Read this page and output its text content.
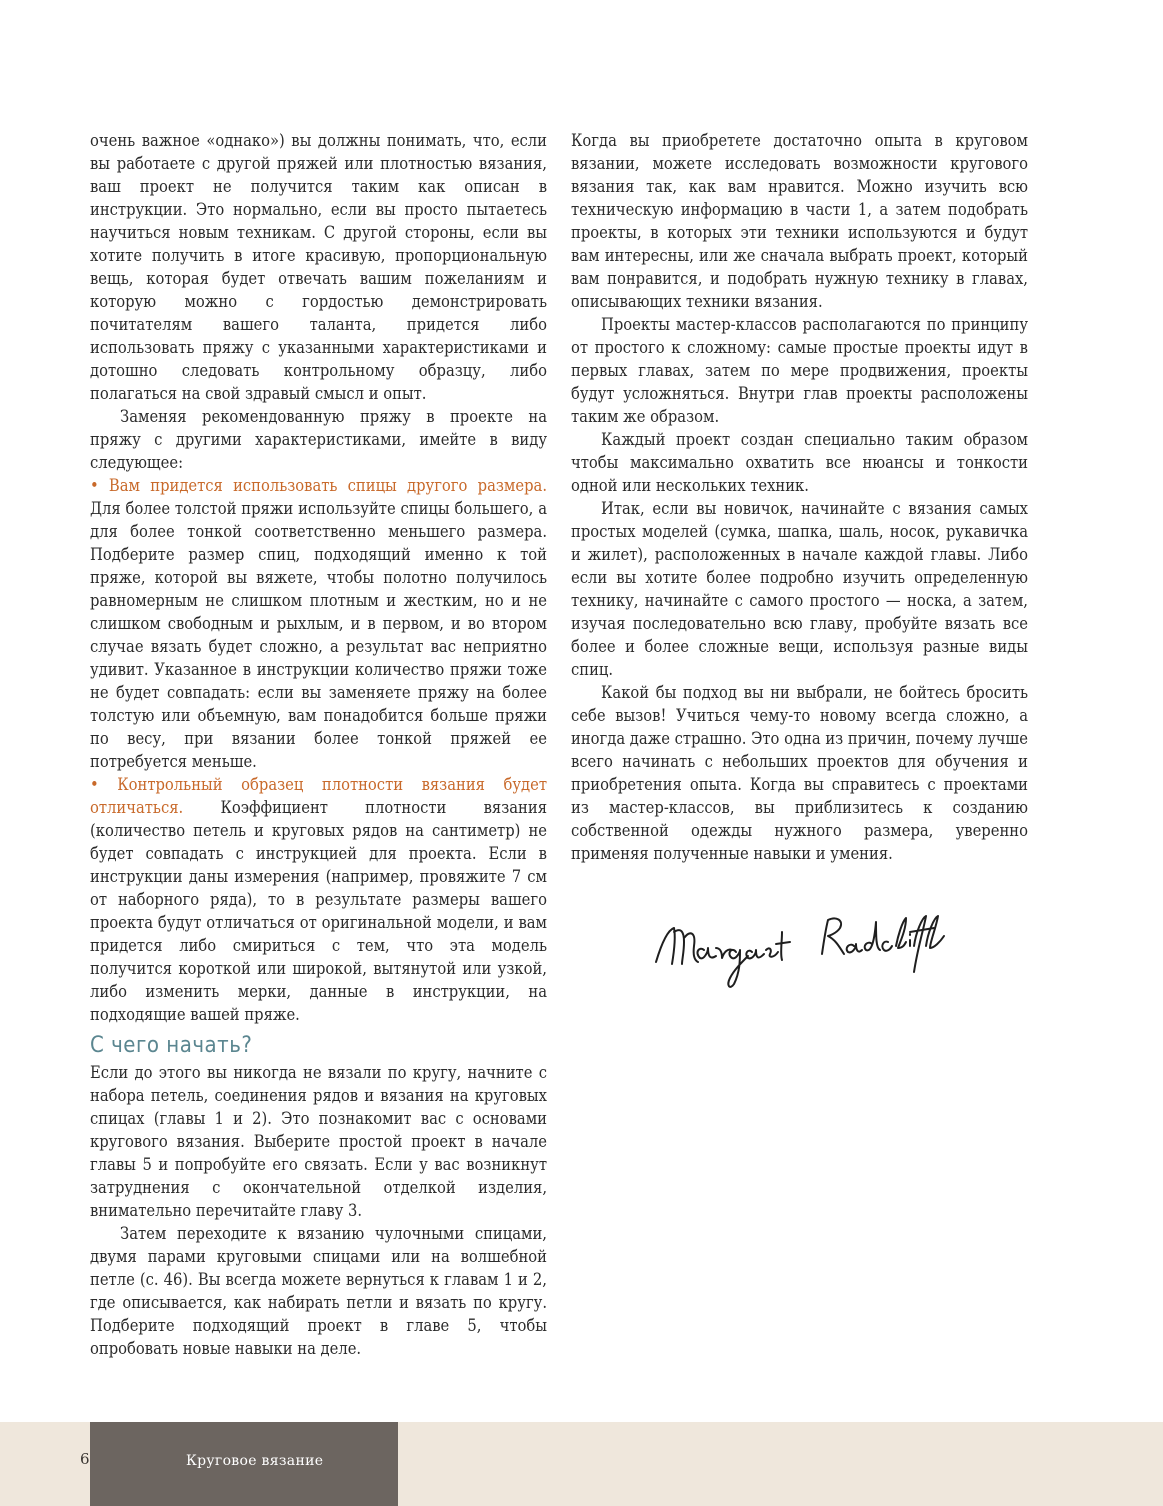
очень важное «однако») вы должны понимать, что, если вы работаете с другой пряжей или плотностью вязания, ваш проект не получится таким как описан в инструкции. Это нормально, если вы просто пытаетесь научиться новым техникам. С другой стороны, если вы хотите получить в итоге красивую, пропорциональную вещь, которая будет отвечать вашим пожеланиям и которую можно с гордостью демонстрировать почитателям вашего таланта, придется либо использовать пряжу с указанными характеристиками и дотошно следовать контрольному образцу, либо полагаться на свой здравый смысл и опыт.

Заменяя рекомендованную пряжу в проекте на пряжу с другими характеристиками, имейте в виду следующее:

• Вам придется использовать спицы другого размера. Для более толстой пряжи используйте спицы большего, а для более тонкой соответственно меньшего размера. Подберите размер спиц, подходящий именно к той пряже, которой вы вяжете, чтобы полотно получилось равномерным не слишком плотным и жестким, но и не слишком свободным и рыхлым, и в первом, и во втором случае вязать будет сложно, а результат вас неприятно удивит. Указанное в инструкции количество пряжи тоже не будет совпадать: если вы заменяете пряжу на более толстую или объемную, вам понадобится больше пряжи по весу, при вязании более тонкой пряжей ее потребуется меньше.

• Контрольный образец плотности вязания будет отличаться. Коэффициент плотности вязания (количество петель и круговых рядов на сантиметр) не будет совпадать с инструкцией для проекта. Если в инструкции даны измерения (например, провяжите 7 см от наборного ряда), то в результате размеры вашего проекта будут отличаться от оригинальной модели, и вам придется либо смириться с тем, что эта модель получится короткой или широкой, вытянутой или узкой, либо изменить мерки, данные в инструкции, на подходящие вашей пряже.

С чего начать?

Если до этого вы никогда не вязали по кругу, начните с набора петель, соединения рядов и вязания на круговых спицах (главы 1 и 2). Это познакомит вас с основами кругового вязания. Выберите простой проект в начале главы 5 и попробуйте его связать. Если у вас возникнут затруднения с окончательной отделкой изделия, внимательно перечитайте главу 3.

Затем переходите к вязанию чулочными спицами, двумя парами круговыми спицами или на волшебной петле (с. 46). Вы всегда можете вернуться к главам 1 и 2, где описывается, как набирать петли и вязать по кругу. Подберите подходящий проект в главе 5, чтобы опробовать новые навыки на деле.

Когда вы приобретете достаточно опыта в круговом вязании, можете исследовать возможности кругового вязания так, как вам нравится. Можно изучить всю техническую информацию в части 1, а затем подобрать проекты, в которых эти техники используются и будут вам интересны, или же сначала выбрать проект, который вам понравится, и подобрать нужную технику в главах, описывающих техники вязания.

Проекты мастер-классов располагаются по принципу от простого к сложному: самые простые проекты идут в первых главах, затем по мере продвижения, проекты будут усложняться. Внутри глав проекты расположены таким же образом.

Каждый проект создан специально таким образом чтобы максимально охватить все нюансы и тонкости одной или нескольких техник.

Итак, если вы новичок, начинайте с вязания самых простых моделей (сумка, шапка, шаль, носок, рукавичка и жилет), расположенных в начале каждой главы. Либо если вы хотите более подробно изучить определенную технику, начинайте с самого простого — носка, а затем, изучая последовательно всю главу, пробуйте вязать все более и более сложные вещи, используя разные виды спиц.

Какой бы подход вы ни выбрали, не бойтесь бросить себе вызов! Учиться чему-то новому всегда сложно, а иногда даже страшно. Это одна из причин, почему лучше всего начинать с небольших проектов для обучения и приобретения опыта. Когда вы справитесь с проектами из мастер-классов, вы приблизитесь к созданию собственной одежды нужного размера, уверенно применяя полученные навыки и умения.

6	Круговое вязание
